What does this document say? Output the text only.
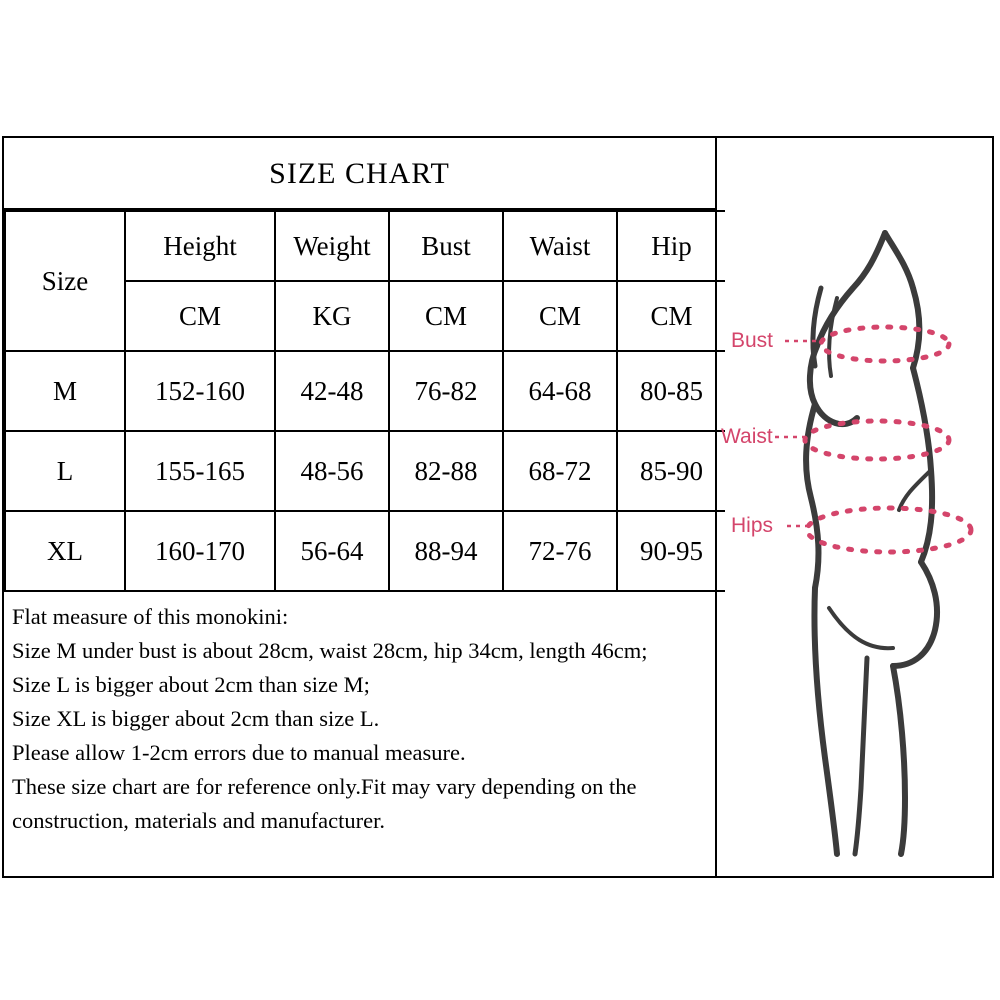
SIZE CHART
Size	Height	Weight	Bust	Waist	Hip
	CM	KG	CM	CM	CM
M	152-160	42-48	76-82	64-68	80-85
L	155-165	48-56	82-88	68-72	85-90
XL	160-170	56-64	88-94	72-76	90-95
Flat measure of this monokini:
Size M under bust is about 28cm, waist 28cm, hip 34cm, length 46cm;
Size L is bigger about 2cm than size M;
Size XL is bigger about 2cm than size L.
Please allow 1-2cm errors due to manual measure.
These size chart are for reference only.Fit may vary depending on the
construction, materials and manufacturer.
Bust
Waist
Hips
